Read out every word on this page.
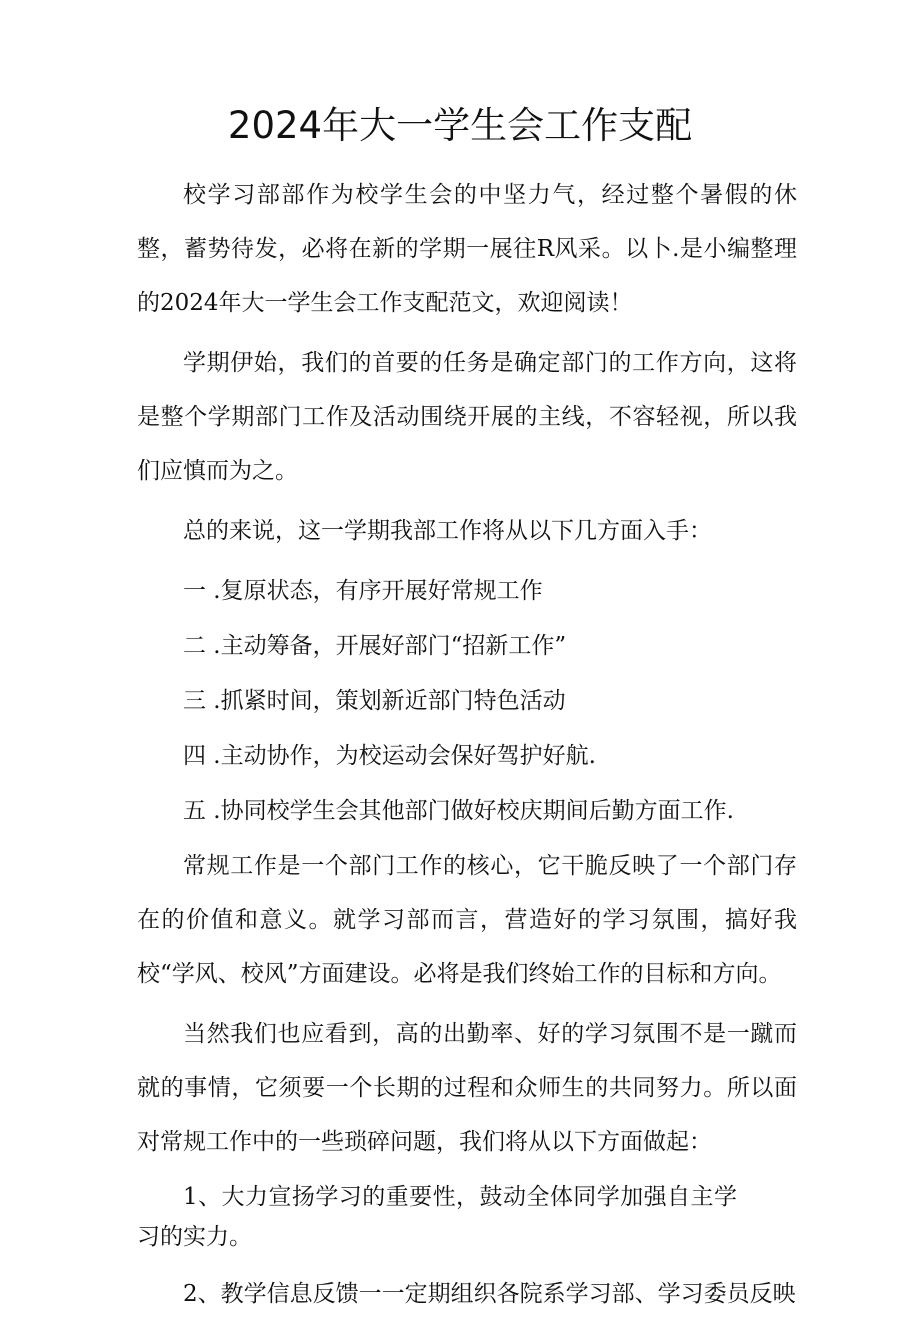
2024年大一学生会工作支配

校学习部部作为校学生会的中坚力气，经过整个暑假的休整，蓄势待发，必将在新的学期一展往R风采。以卜.是小编整理的2024年大一学生会工作支配范文，欢迎阅读！

学期伊始，我们的首要的任务是确定部门的工作方向，这将是整个学期部门工作及活动围绕开展的主线，不容轻视，所以我们应慎而为之。

总的来说，这一学期我部工作将从以下几方面入手：

一 .复原状态，有序开展好常规工作

二 .主动筹备，开展好部门“招新工作”

三 .抓紧时间，策划新近部门特色活动

四 .主动协作，为校运动会保好驾护好航.

五 .协同校学生会其他部门做好校庆期间后勤方面工作.

常规工作是一个部门工作的核心，它干脆反映了一个部门存在的价值和意义。就学习部而言，营造好的学习氛围，搞好我校“学风、校风”方面建设。必将是我们终始工作的目标和方向。

当然我们也应看到，高的出勤率、好的学习氛围不是一蹴而就的事情，它须要一个长期的过程和众师生的共同努力。所以面对常规工作中的一些琐碎问题，我们将从以下方面做起：

1、大力宣扬学习的重要性，鼓动全体同学加强自主学习的实力。

2、教学信息反馈一一定期组织各院系学习部、学习委员反映
